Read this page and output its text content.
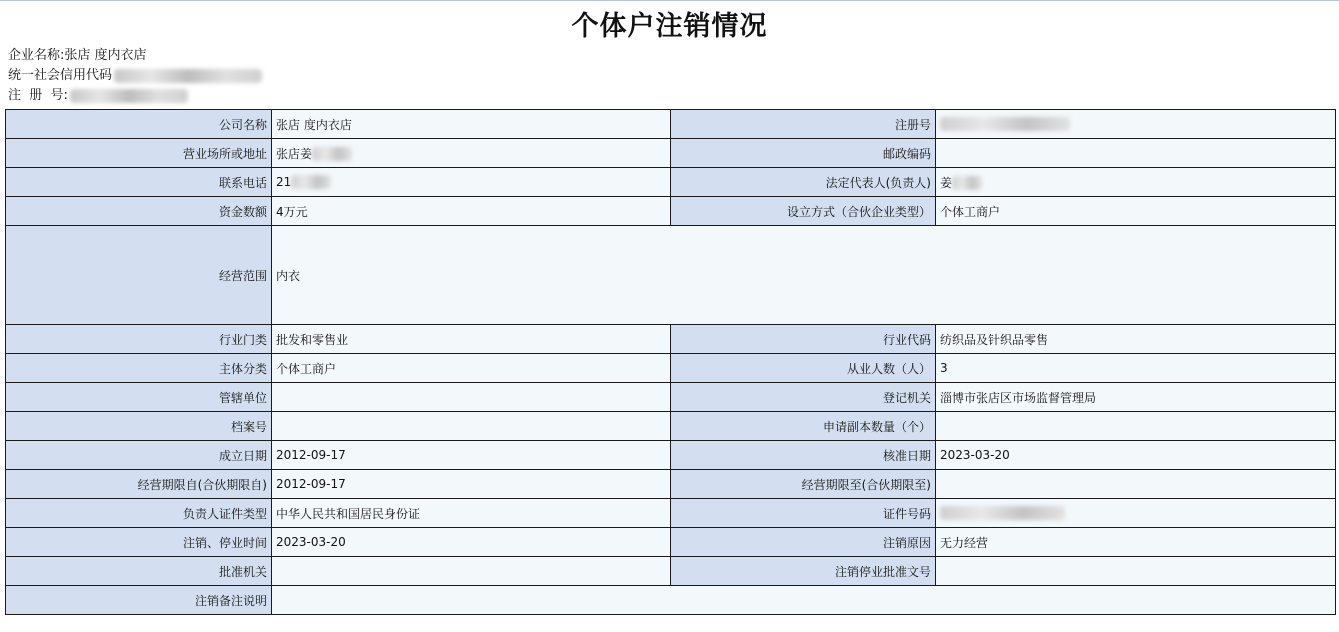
个体户注销情况
企业名称:张店 度内衣店
统一社会信用代码
注  册  号:
公司名称	张店 度内衣店	注册号	
营业场所或地址	张店姜	邮政编码	
联系电话	21	法定代表人(负责人)	姜
资金数额	4万元	设立方式（合伙企业类型）	个体工商户
经营范围	内衣		
行业门类	批发和零售业	行业代码	纺织品及针织品零售
主体分类	个体工商户	从业人数（人）	3
管辖单位		登记机关	淄博市张店区市场监督管理局
档案号		申请副本数量（个）	
成立日期	2012-09-17	核准日期	2023-03-20
经营期限自(合伙期限自)	2012-09-17	经营期限至(合伙期限至)	
负责人证件类型	中华人民共和国居民身份证	证件号码	
注销、停业时间	2023-03-20	注销原因	无力经营
批准机关		注销停业批准文号	
注销备注说明			
